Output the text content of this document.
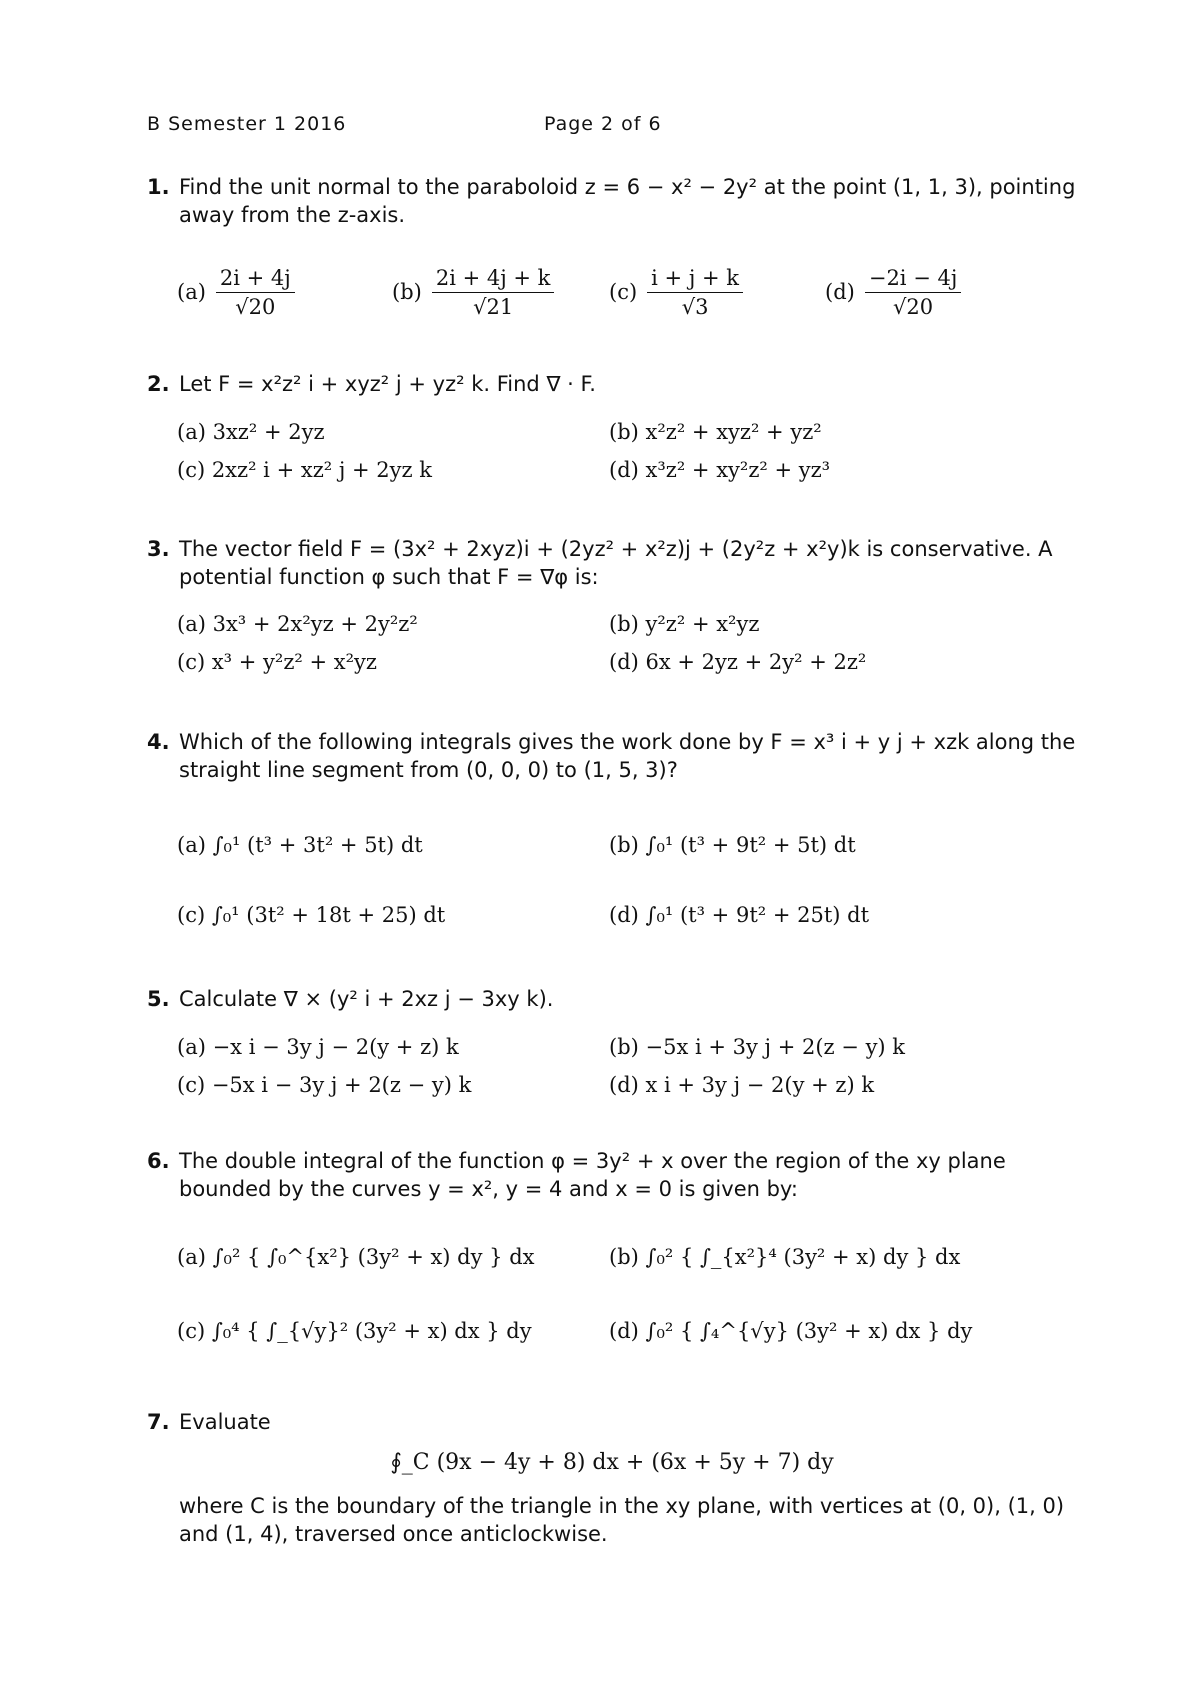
B Semester 1 2016	Page 2 of 6
1. Find the unit normal to the paraboloid z = 6 − x² − 2y² at the point (1, 1, 3), pointing away from the z-axis.
$(a) \frac{2i + 4j}{√20}$	$(b) \frac{2i + 4j + k}{√21}$	$(c) \frac{i + j + k}{√3}$	$(d) \frac{-2i - 4j}{√20}$
2. Let F = x²z² i + xyz² j + yz² k. Find ∇ · F.
(a) 3xz² + 2yz	(b) x²z² + xyz² + yz²
(c) 2xz² i + xz² j + 2yz k	(d) x³z² + xy²z² + yz³
3. The vector field F = (3x² + 2xyz)i + (2yz² + x²z)j + (2y²z + x²y)k is conservative. A potential function φ such that F = ∇φ is:
(a) 3x³ + 2x²yz + 2y²z²	(b) y²z² + x²yz
(c) x³ + y²z² + x²yz	(d) 6x + 2yz + 2y² + 2z²
4. Which of the following integrals gives the work done by F = x³ i + y j + xzk along the straight line segment from (0, 0, 0) to (1, 5, 3)?
(a) ∫₀¹ (t³ + 3t² + 5t) dt	(b) ∫₀¹ (t³ + 9t² + 5t) dt
(c) ∫₀¹ (3t² + 18t + 25) dt	(d) ∫₀¹ (t³ + 9t² + 25t) dt
5. Calculate ∇ × (y² i + 2xz j − 3xy k).
(a) −x i − 3y j − 2(y + z) k	(b) −5x i + 3y j + 2(z − y) k
(c) −5x i − 3y j + 2(z − y) k	(d) x i + 3y j − 2(y + z) k
6. The double integral of the function φ = 3y² + x over the region of the xy plane bounded by the curves y = x², y = 4 and x = 0 is given by:
(a) ∫₀² { ∫₀^{x²} (3y² + x) dy } dx	(b) ∫₀² { ∫_{x²}⁴ (3y² + x) dy } dx
(c) ∫₀⁴ { ∫_{√y}² (3y² + x) dx } dy	(d) ∫₀² { ∫₄^{√y} (3y² + x) dx } dy
7. Evaluate
∮_C (9x − 4y + 8) dx + (6x + 5y + 7) dy
where C is the boundary of the triangle in the xy plane, with vertices at (0, 0), (1, 0) and (1, 4), traversed once anticlockwise.
